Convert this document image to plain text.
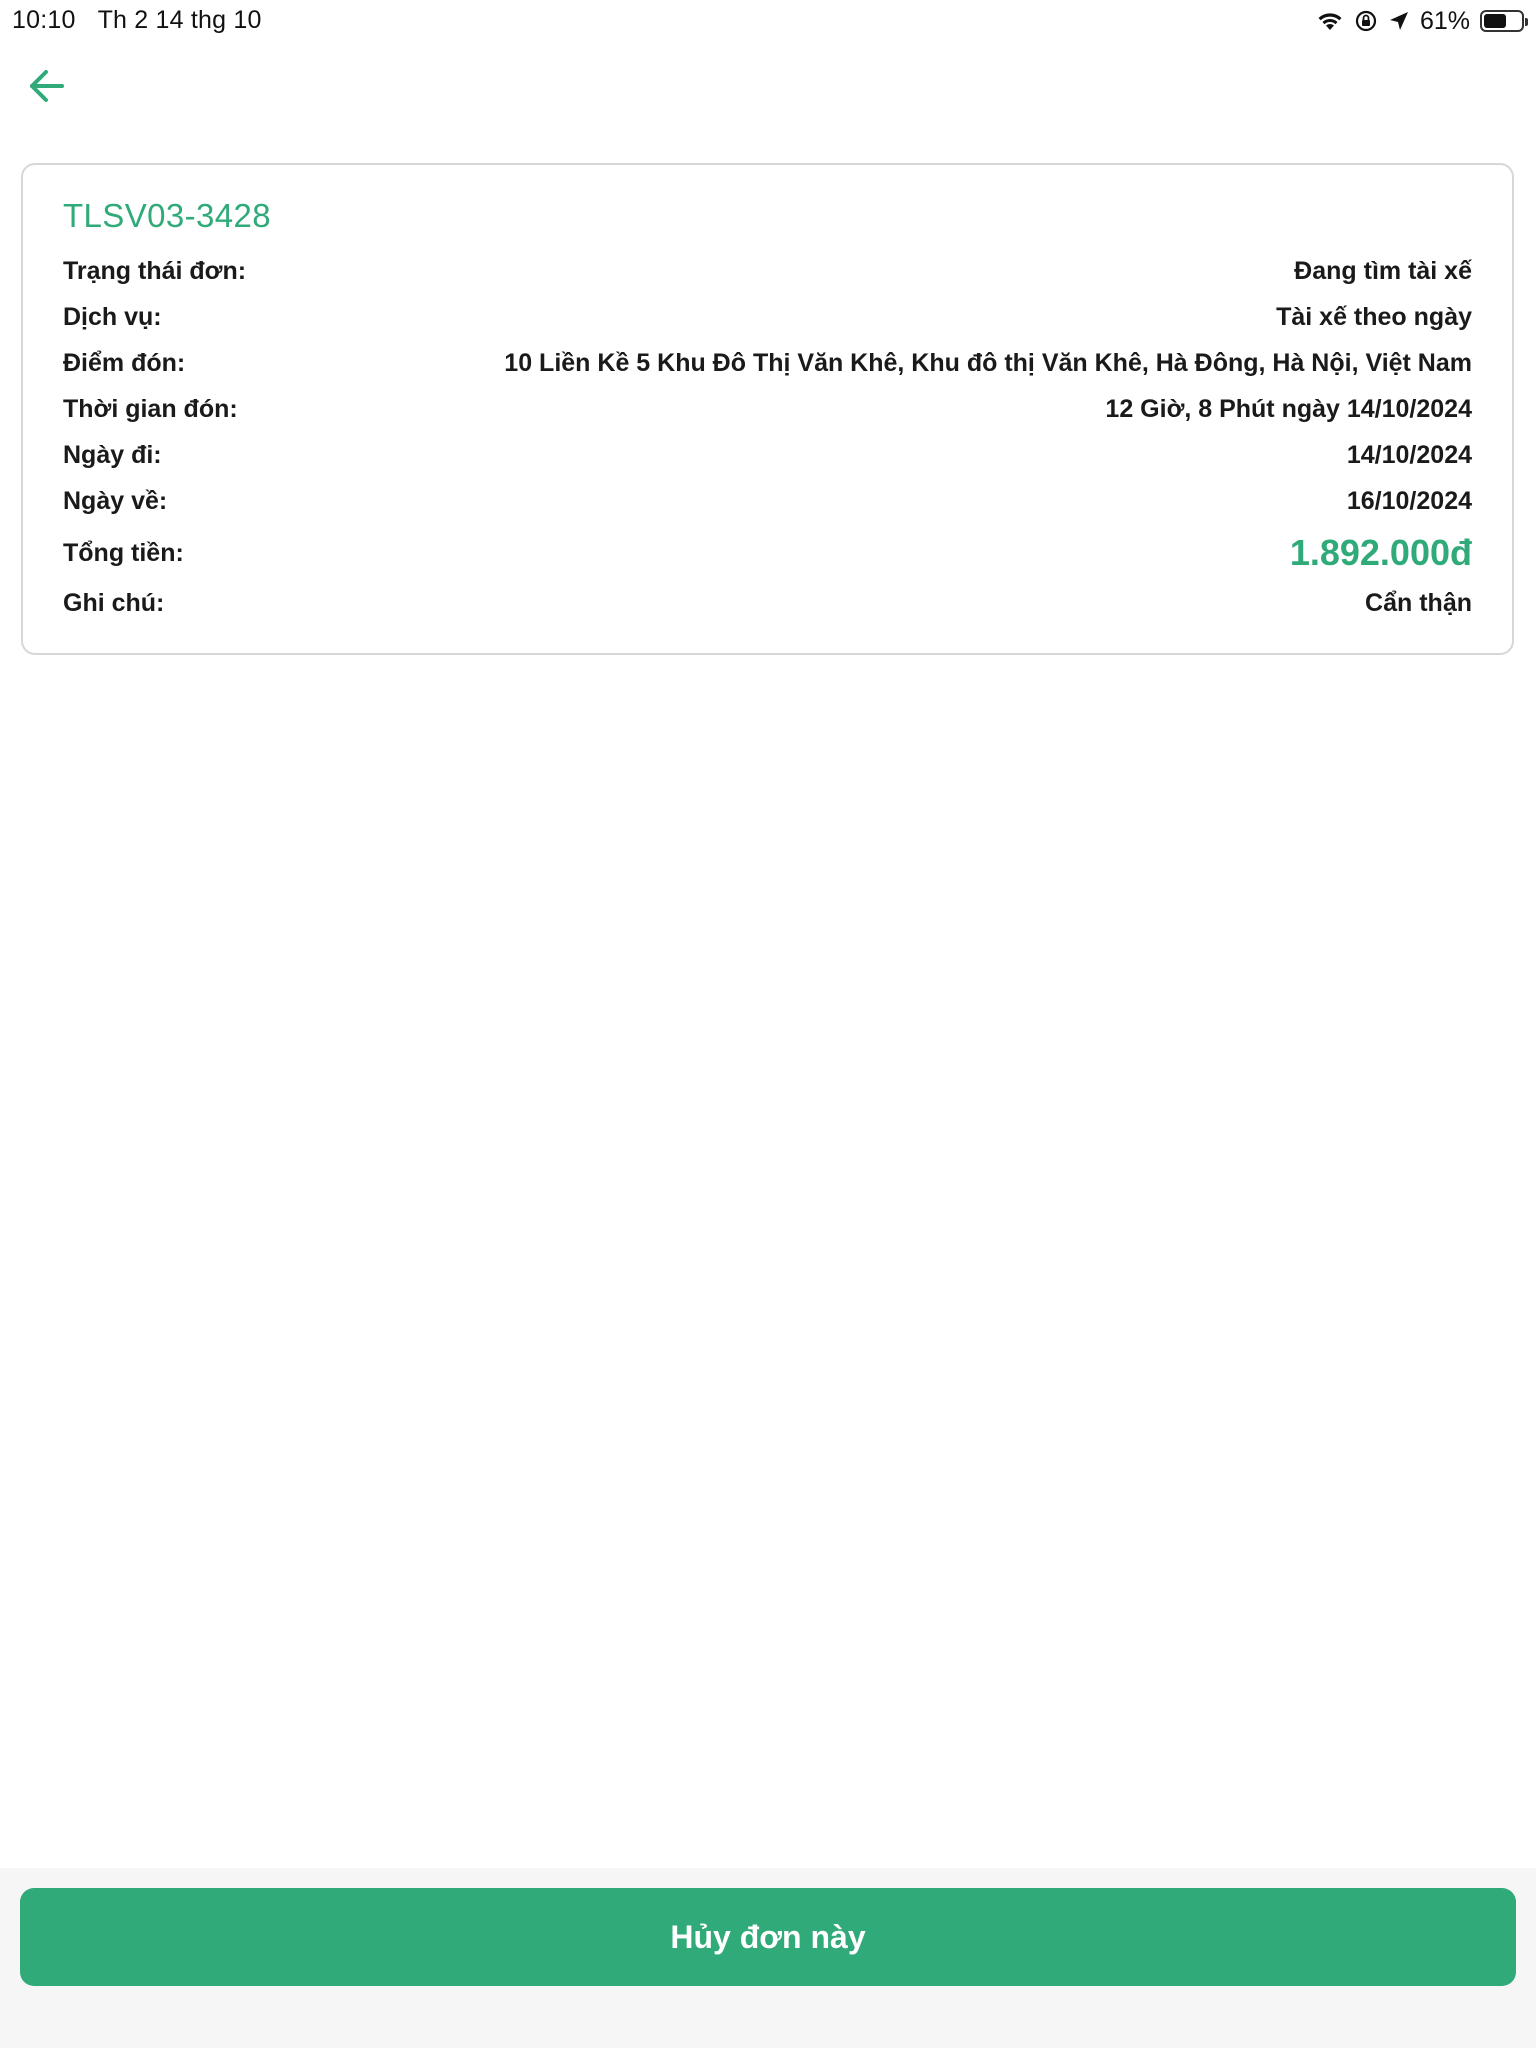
10:10 Th 2 14 thg 10	61%
TLSV03-3428
Trạng thái đơn:	Đang tìm tài xế
Dịch vụ:	Tài xế theo ngày
Điểm đón:	10 Liền Kề 5 Khu Đô Thị Văn Khê, Khu đô thị Văn Khê, Hà Đông, Hà Nội, Việt Nam
Thời gian đón:	12 Giờ, 8 Phút ngày 14/10/2024
Ngày đi:	14/10/2024
Ngày về:	16/10/2024
Tổng tiền:	1.892.000đ
Ghi chú:	Cẩn thận
Hủy đơn này
